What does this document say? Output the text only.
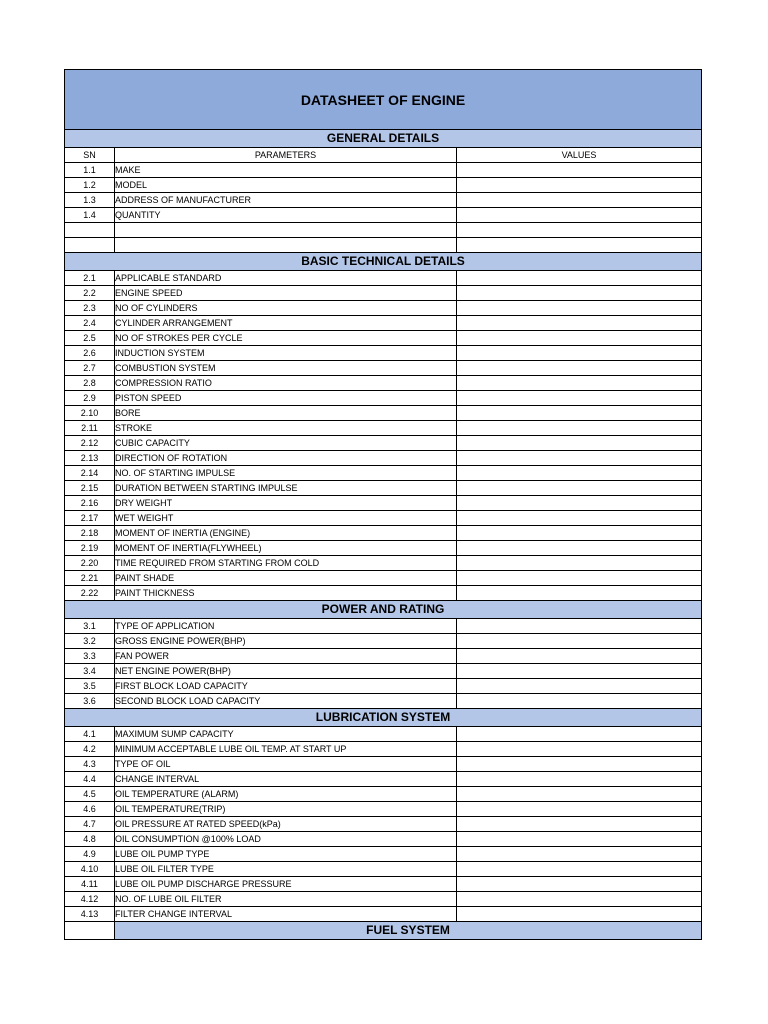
DATASHEET OF ENGINE		
GENERAL DETAILS		
SN	PARAMETERS	VALUES
1.1	MAKE	
1.2	MODEL	
1.3	ADDRESS OF MANUFACTURER	
1.4	QUANTITY	

BASIC TECHNICAL DETAILS		
2.1	APPLICABLE STANDARD	
2.2	ENGINE SPEED	
2.3	NO OF CYLINDERS	
2.4	CYLINDER ARRANGEMENT	
2.5	NO OF STROKES PER CYCLE	
2.6	INDUCTION SYSTEM	
2.7	COMBUSTION SYSTEM	
2.8	COMPRESSION RATIO	
2.9	PISTON SPEED	
2.10	BORE	
2.11	STROKE	
2.12	CUBIC CAPACITY	
2.13	DIRECTION OF ROTATION	
2.14	NO. OF STARTING IMPULSE	
2.15	DURATION BETWEEN STARTING IMPULSE	
2.16	DRY WEIGHT	
2.17	WET WEIGHT	
2.18	MOMENT OF INERTIA (ENGINE)	
2.19	MOMENT OF INERTIA(FLYWHEEL)	
2.20	TIME REQUIRED FROM STARTING FROM COLD	
2.21	PAINT SHADE	
2.22	PAINT THICKNESS	
POWER AND RATING		
3.1	TYPE OF APPLICATION	
3.2	GROSS ENGINE POWER(BHP)	
3.3	FAN POWER	
3.4	NET ENGINE POWER(BHP)	
3.5	FIRST BLOCK LOAD CAPACITY	
3.6	SECOND BLOCK LOAD CAPACITY	
LUBRICATION SYSTEM		
4.1	MAXIMUM SUMP CAPACITY	
4.2	MINIMUM ACCEPTABLE LUBE OIL TEMP. AT START UP	
4.3	TYPE OF OIL	
4.4	CHANGE INTERVAL	
4.5	OIL TEMPERATURE (ALARM)	
4.6	OIL TEMPERATURE(TRIP)	
4.7	OIL PRESSURE AT RATED SPEED(kPa)	
4.8	OIL CONSUMPTION @100% LOAD	
4.9	LUBE OIL PUMP TYPE	
4.10	LUBE OIL FILTER TYPE	
4.11	LUBE OIL PUMP DISCHARGE PRESSURE	
4.12	NO. OF LUBE OIL FILTER	
4.13	FILTER CHANGE INTERVAL	
	FUEL SYSTEM	
